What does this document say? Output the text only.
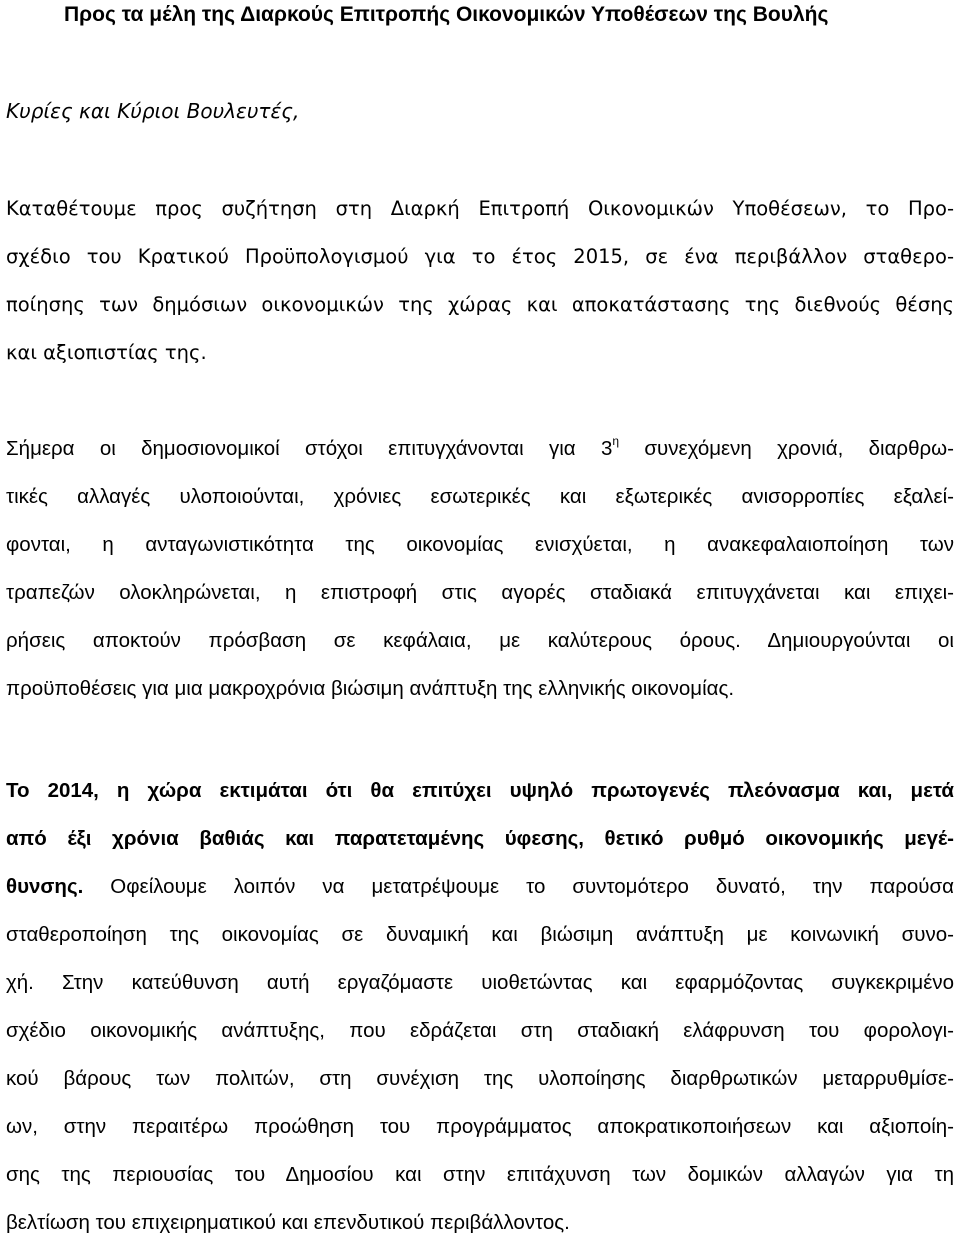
Προς τα μέλη της Διαρκούς Επιτροπής Οικονομικών Υποθέσεων της Βουλής
Κυρίες και Κύριοι Βουλευτές,
Καταθέτουμε προς συζήτηση στη Διαρκή Επιτροπή Οικονομικών Υποθέσεων, το Προ-
σχέδιο του Κρατικού Προϋπολογισμού για το έτος 2015, σε ένα περιβάλλον σταθερο-
ποίησης των δημόσιων οικονομικών της χώρας και αποκατάστασης της διεθνούς θέσης
και αξιοπιστίας της.
Σήμερα οι δημοσιονομικοί στόχοι επιτυγχάνονται για $3^\eta$ συνεχόμενη χρονιά, διαρθρω-
τικές αλλαγές υλοποιούνται, χρόνιες εσωτερικές και εξωτερικές ανισορροπίες εξαλεί-
φονται, η ανταγωνιστικότητα της οικονομίας ενισχύεται, η ανακεφαλαιοποίηση των
τραπεζών ολοκληρώνεται, η επιστροφή στις αγορές σταδιακά επιτυγχάνεται και επιχει-
ρήσεις αποκτούν πρόσβαση σε κεφάλαια, με καλύτερους όρους. Δημιουργούνται οι
προϋποθέσεις για μια μακροχρόνια βιώσιμη ανάπτυξη της ελληνικής οικονομίας.
Το 2014, η χώρα εκτιμάται ότι θα επιτύχει υψηλό πρωτογενές πλεόνασμα και, μετά
από έξι χρόνια βαθιάς και παρατεταμένης ύφεσης, θετικό ρυθμό οικονομικής μεγέ-
θυνσης. Οφείλουμε λοιπόν να μετατρέψουμε το συντομότερο δυνατό, την παρούσα
σταθεροποίηση της οικονομίας σε δυναμική και βιώσιμη ανάπτυξη με κοινωνική συνο-
χή. Στην κατεύθυνση αυτή εργαζόμαστε υιοθετώντας και εφαρμόζοντας συγκεκριμένο
σχέδιο οικονομικής ανάπτυξης, που εδράζεται στη σταδιακή ελάφρυνση του φορολογι-
κού βάρους των πολιτών, στη συνέχιση της υλοποίησης διαρθρωτικών μεταρρυθμίσε-
ων, στην περαιτέρω προώθηση του προγράμματος αποκρατικοποιήσεων και αξιοποίη-
σης της περιουσίας του Δημοσίου και στην επιτάχυνση των δομικών αλλαγών για τη
βελτίωση του επιχειρηματικού και επενδυτικού περιβάλλοντος.
